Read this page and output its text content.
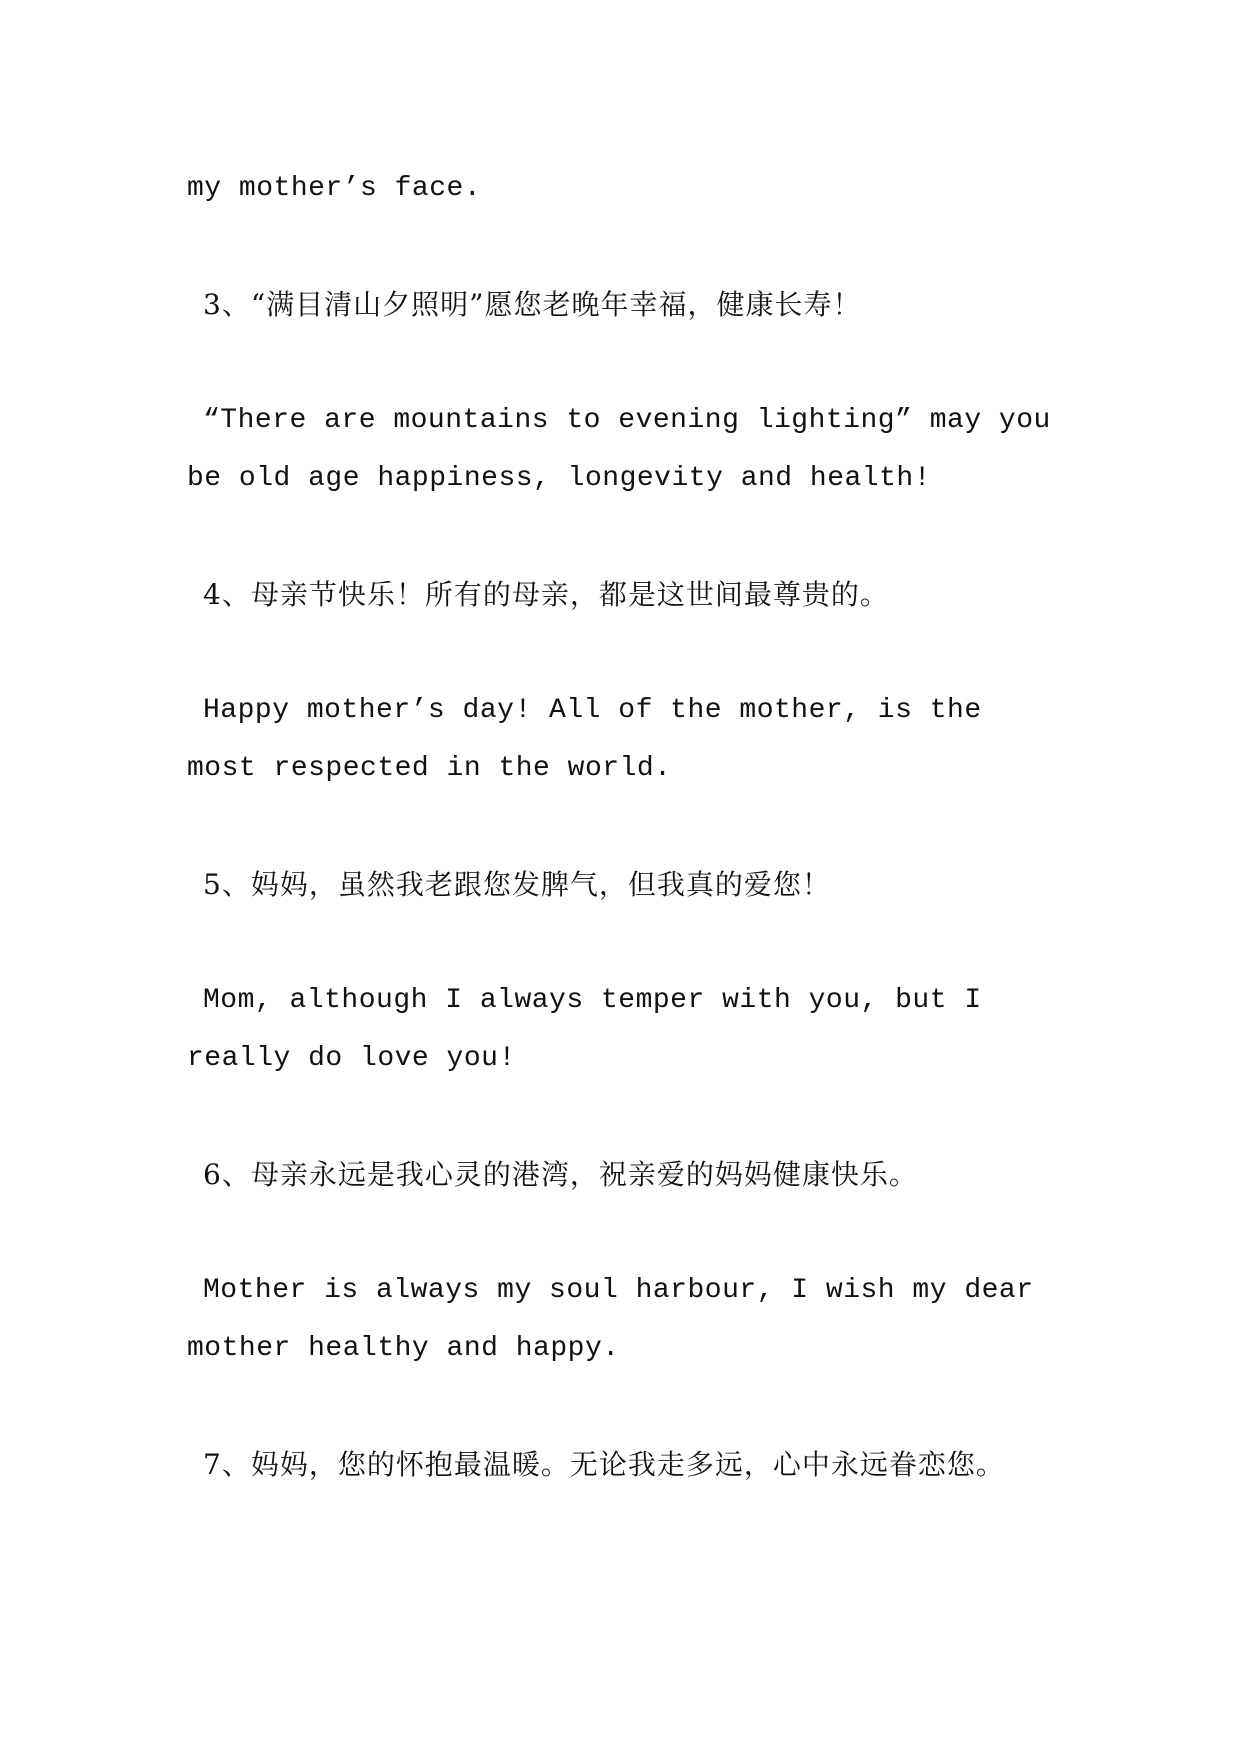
my mother’s face.

3、“满目清山夕照明”愿您老晚年幸福，健康长寿！

“There are mountains to evening lighting” may you be old age happiness, longevity and health!

4、母亲节快乐！所有的母亲，都是这世间最尊贵的。

Happy mother’s day! All of the mother, is the most respected in the world.

5、妈妈，虽然我老跟您发脾气，但我真的爱您！

Mom, although I always temper with you, but I really do love you!

6、母亲永远是我心灵的港湾，祝亲爱的妈妈健康快乐。

Mother is always my soul harbour, I wish my dear mother healthy and happy.

7、妈妈，您的怀抱最温暖。无论我走多远，心中永远眷恋您。
